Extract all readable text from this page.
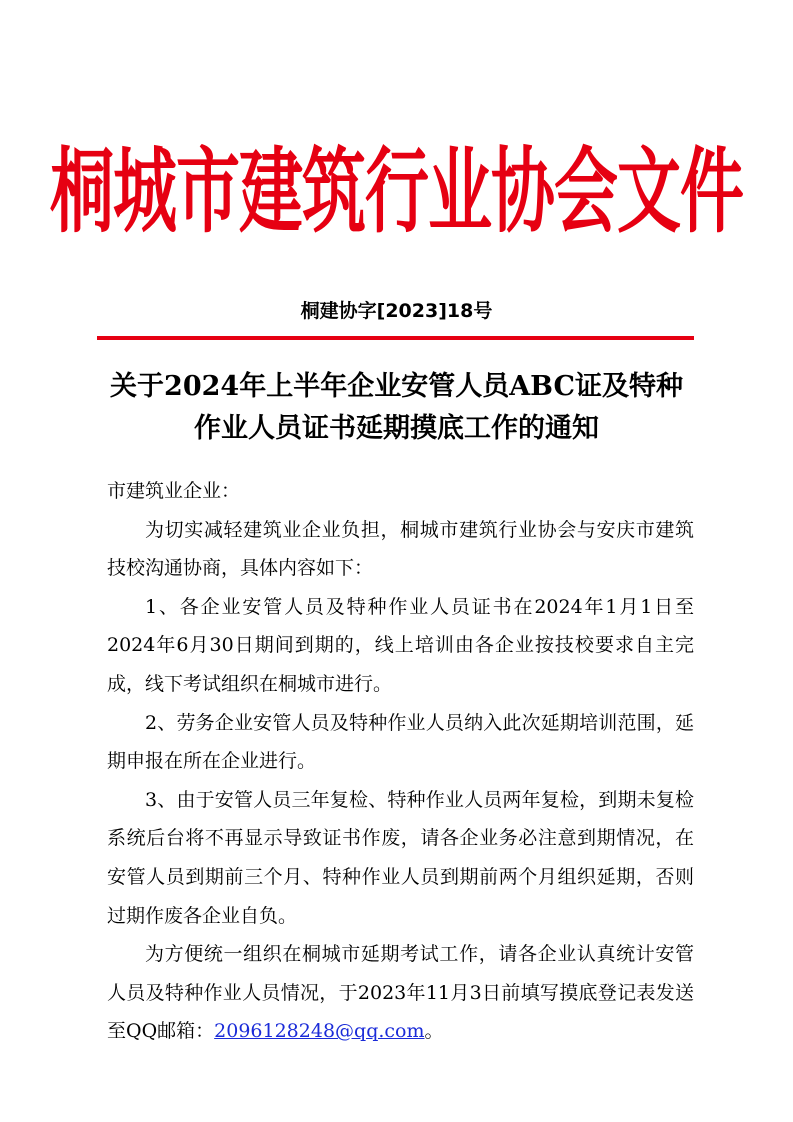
桐城市建筑行业协会文件
桐建协字[2023]18号
关于2024年上半年企业安管人员ABC证及特种
作业人员证书延期摸底工作的通知

市建筑业企业：

为切实减轻建筑业企业负担，桐城市建筑行业协会与安庆市建筑技校沟通协商，具体内容如下：

1、各企业安管人员及特种作业人员证书在2024年1月1日至2024年6月30日期间到期的，线上培训由各企业按技校要求自主完成，线下考试组织在桐城市进行。

2、劳务企业安管人员及特种作业人员纳入此次延期培训范围，延期申报在所在企业进行。

3、由于安管人员三年复检、特种作业人员两年复检，到期未复检系统后台将不再显示导致证书作废，请各企业务必注意到期情况，在安管人员到期前三个月、特种作业人员到期前两个月组织延期，否则过期作废各企业自负。

为方便统一组织在桐城市延期考试工作，请各企业认真统计安管人员及特种作业人员情况，于2023年11月3日前填写摸底登记表发送至QQ邮箱：2096128248@qq.com。
